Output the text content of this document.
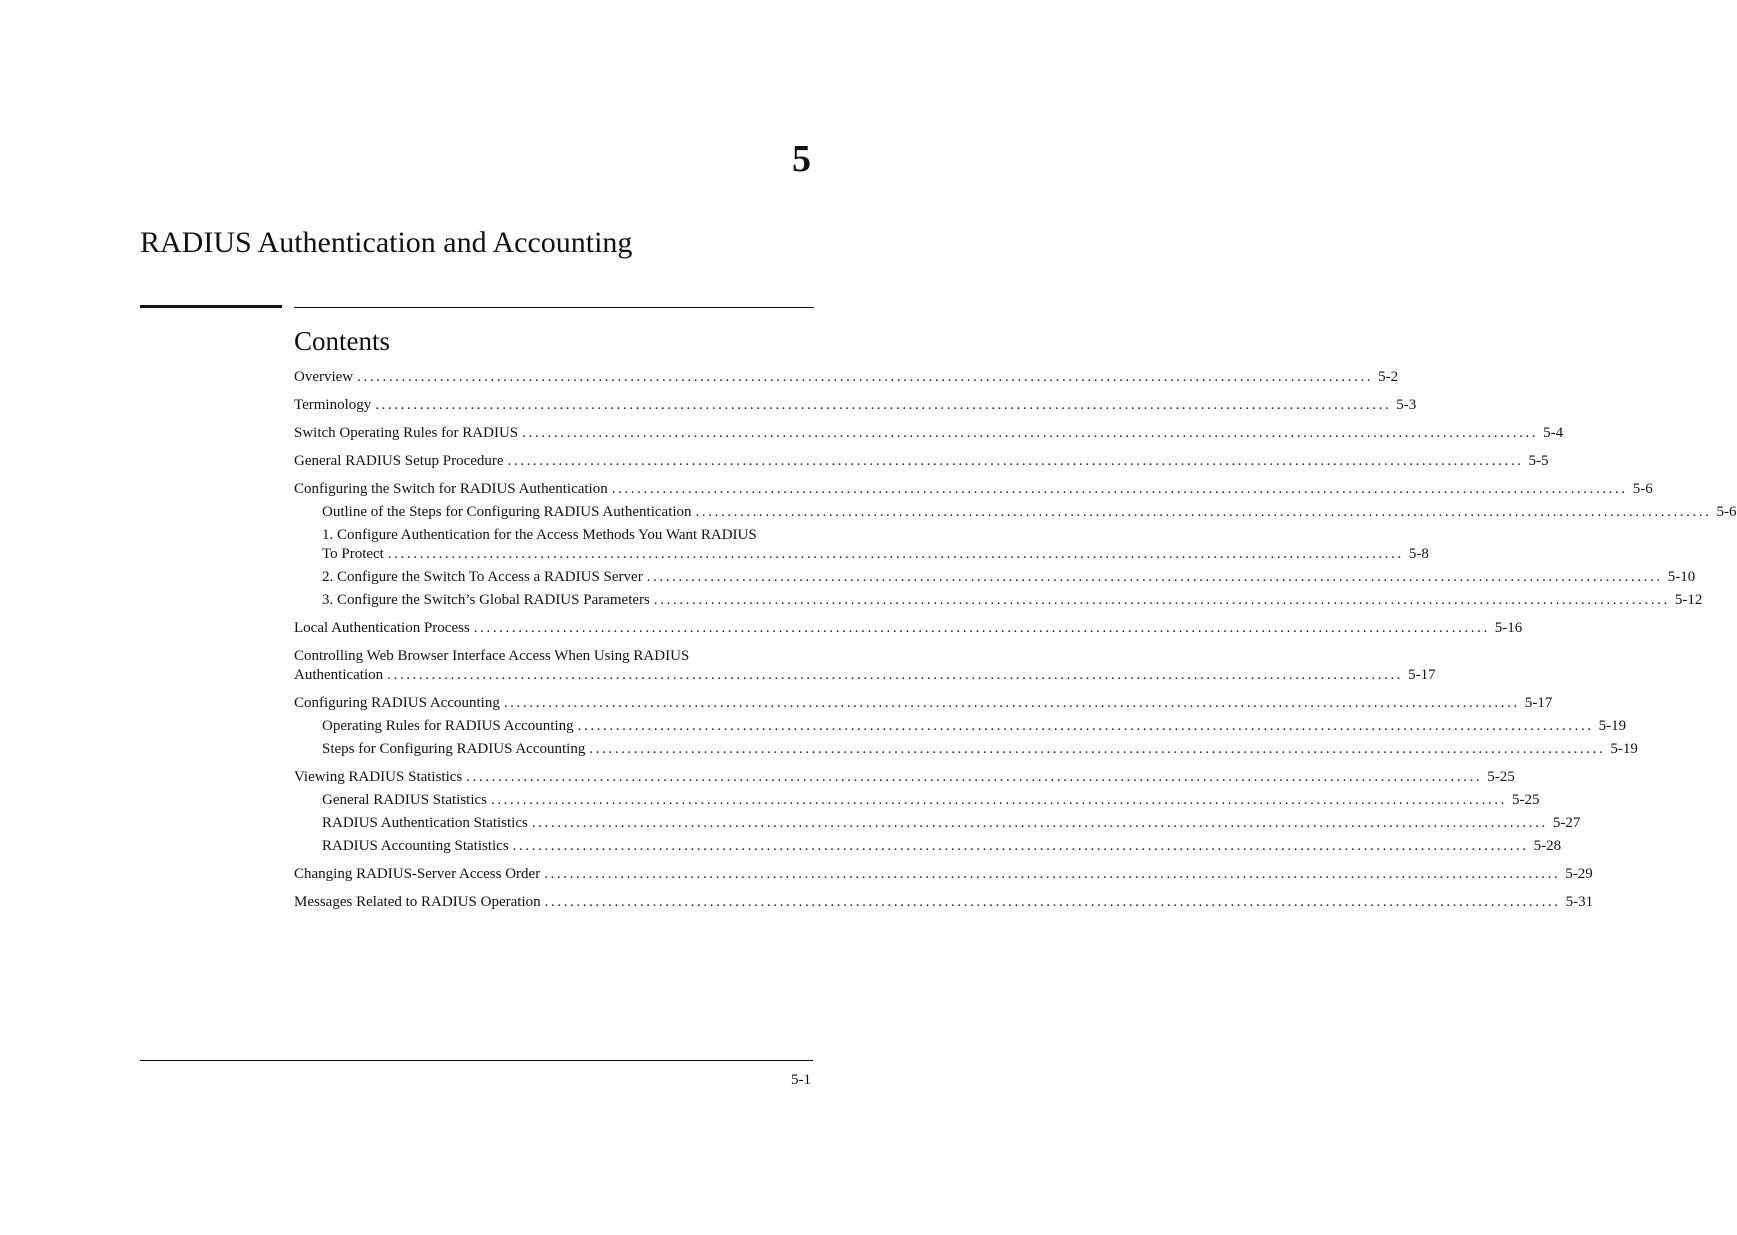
5
RADIUS Authentication and Accounting
Contents
Overview ................................................................................................................................................................ 5-2
Terminology ................................................................................................................................................................ 5-3
Switch Operating Rules for RADIUS ................................................................................................................................................................ 5-4
General RADIUS Setup Procedure ................................................................................................................................................................ 5-5
Configuring the Switch for RADIUS Authentication ................................................................................................................................................................ 5-6
Outline of the Steps for Configuring RADIUS Authentication ................................................................................................................................................................ 5-6
1. Configure Authentication for the Access Methods You Want RADIUS
To Protect ................................................................................................................................................................ 5-8
2. Configure the Switch To Access a RADIUS Server ................................................................................................................................................................ 5-10
3. Configure the Switch’s Global RADIUS Parameters ................................................................................................................................................................ 5-12
Local Authentication Process ................................................................................................................................................................ 5-16
Controlling Web Browser Interface Access When Using RADIUS
Authentication ................................................................................................................................................................ 5-17
Configuring RADIUS Accounting ................................................................................................................................................................ 5-17
Operating Rules for RADIUS Accounting ................................................................................................................................................................ 5-19
Steps for Configuring RADIUS Accounting ................................................................................................................................................................ 5-19
Viewing RADIUS Statistics ................................................................................................................................................................ 5-25
General RADIUS Statistics ................................................................................................................................................................ 5-25
RADIUS Authentication Statistics ................................................................................................................................................................ 5-27
RADIUS Accounting Statistics ................................................................................................................................................................ 5-28
Changing RADIUS-Server Access Order ................................................................................................................................................................ 5-29
Messages Related to RADIUS Operation ................................................................................................................................................................ 5-31
5-1
